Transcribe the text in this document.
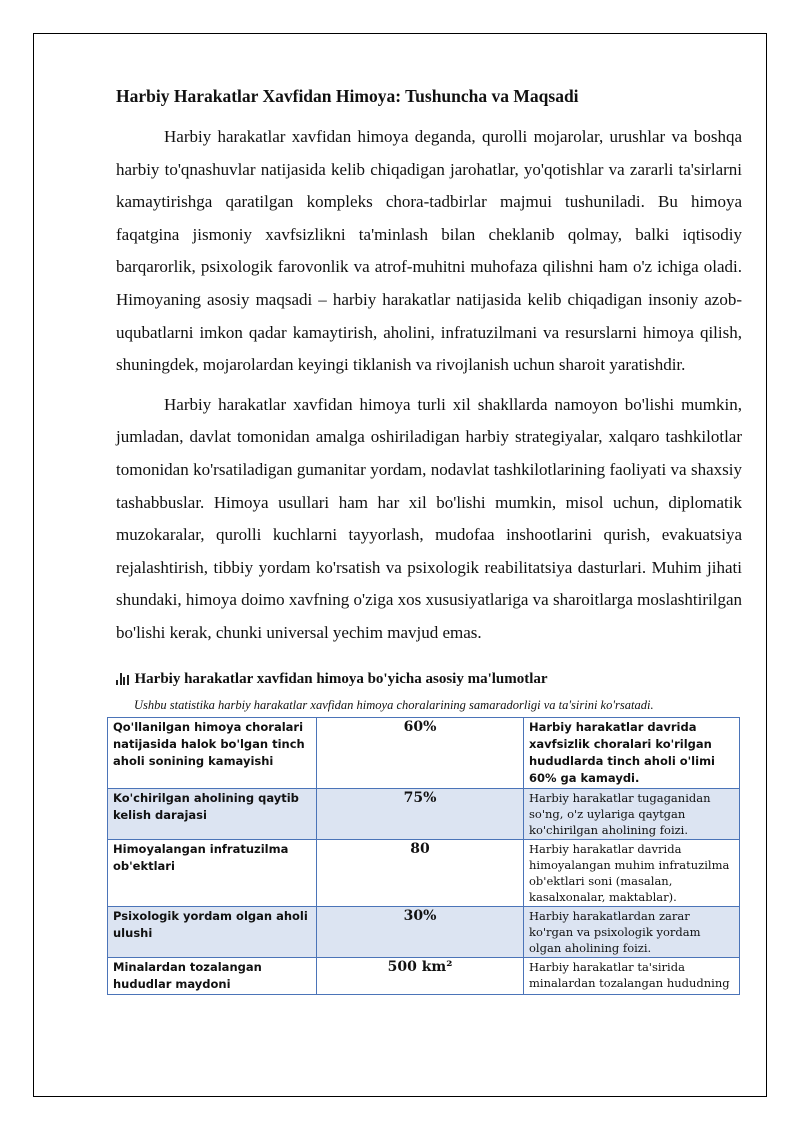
Harbiy Harakatlar Xavfidan Himoya: Tushuncha va Maqsadi

Harbiy harakatlar xavfidan himoya deganda, qurolli mojarolar, urushlar va boshqa harbiy to'qnashuvlar natijasida kelib chiqadigan jarohatlar, yo'qotishlar va zararli ta'sirlarni kamaytirishga qaratilgan kompleks chora-tadbirlar majmui tushuniladi. Bu himoya faqatgina jismoniy xavfsizlikni ta'minlash bilan cheklanib qolmay, balki iqtisodiy barqarorlik, psixologik farovonlik va atrof-muhitni muhofaza qilishni ham o'z ichiga oladi. Himoyaning asosiy maqsadi – harbiy harakatlar natijasida kelib chiqadigan insoniy azob-uqubatlarni imkon qadar kamaytirish, aholini, infratuzilmani va resurslarni himoya qilish, shuningdek, mojarolardan keyingi tiklanish va rivojlanish uchun sharoit yaratishdir.

Harbiy harakatlar xavfidan himoya turli xil shakllarda namoyon bo'lishi mumkin, jumladan, davlat tomonidan amalga oshiriladigan harbiy strategiyalar, xalqaro tashkilotlar tomonidan ko'rsatiladigan gumanitar yordam, nodavlat tashkilotlarining faoliyati va shaxsiy tashabbuslar. Himoya usullari ham har xil bo'lishi mumkin, misol uchun, diplomatik muzokaralar, qurolli kuchlarni tayyorlash, mudofaa inshootlarini qurish, evakuatsiya rejalashtirish, tibbiy yordam ko'rsatish va psixologik reabilitatsiya dasturlari. Muhim jihati shundaki, himoya doimo xavfning o'ziga xos xususiyatlariga va sharoitlarga moslashtirilgan bo'lishi kerak, chunki universal yechim mavjud emas.

Harbiy harakatlar xavfidan himoya bo'yicha asosiy ma'lumotlar
Ushbu statistika harbiy harakatlar xavfidan himoya choralarining samaradorligi va ta'sirini ko'rsatadi.
Qo'llanilgan himoya choralari natijasida halok bo'lgan tinch aholi sonining kamayishi	60%	Harbiy harakatlar davrida xavfsizlik choralari ko'rilgan hududlarda tinch aholi o'limi 60% ga kamaydi.
Ko'chirilgan aholining qaytib kelish darajasi	75%	Harbiy harakatlar tugaganidan so'ng, o'z uylariga qaytgan ko'chirilgan aholining foizi.
Himoyalangan infratuzilma ob'ektlari	80	Harbiy harakatlar davrida himoyalangan muhim infratuzilma ob'ektlari soni (masalan, kasalxonalar, maktablar).
Psixologik yordam olgan aholi ulushi	30%	Harbiy harakatlardan zarar ko'rgan va psixologik yordam olgan aholining foizi.
Minalardan tozalangan hududlar maydoni	500 km²	Harbiy harakatlar ta'sirida minalardan tozalangan hududning
